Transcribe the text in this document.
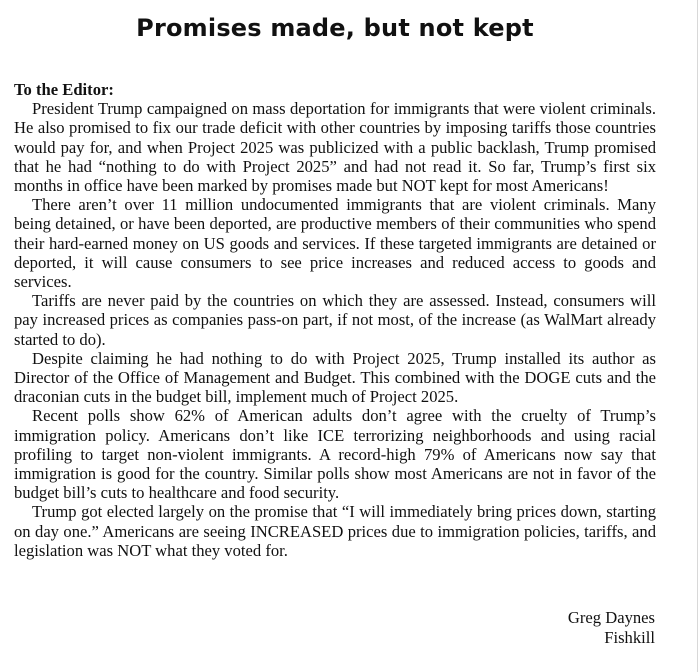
Promises made, but not kept

To the Editor:

President Trump campaigned on mass deportation for immigrants that were violent criminals. He also promised to fix our trade deficit with other countries by imposing tariffs those countries would pay for, and when Project 2025 was publicized with a public backlash, Trump promised that he had “nothing to do with Project 2025” and had not read it. So far, Trump’s first six months in office have been marked by promises made but NOT kept for most Americans!

There aren’t over 11 million undocumented immigrants that are violent criminals. Many being detained, or have been deported, are productive members of their communities who spend their hard-earned money on US goods and services. If these targeted immigrants are detained or deported, it will cause consumers to see price increases and reduced access to goods and services.

Tariffs are never paid by the countries on which they are assessed. Instead, consumers will pay increased prices as companies pass-on part, if not most, of the increase (as WalMart already started to do).

Despite claiming he had nothing to do with Project 2025, Trump installed its author as Director of the Office of Management and Budget. This combined with the DOGE cuts and the draconian cuts in the budget bill, implement much of Project 2025.

Recent polls show 62% of American adults don’t agree with the cruelty of Trump’s immigration policy. Americans don’t like ICE terrorizing neighborhoods and using racial profiling to target non-violent immigrants. A record-high 79% of Americans now say that immigration is good for the country. Similar polls show most Americans are not in favor of the budget bill’s cuts to healthcare and food security.

Trump got elected largely on the promise that “I will immediately bring prices down, starting on day one.” Americans are seeing INCREASED prices due to immigration policies, tariffs, and legislation was NOT what they voted for.

Greg Daynes
Fishkill
